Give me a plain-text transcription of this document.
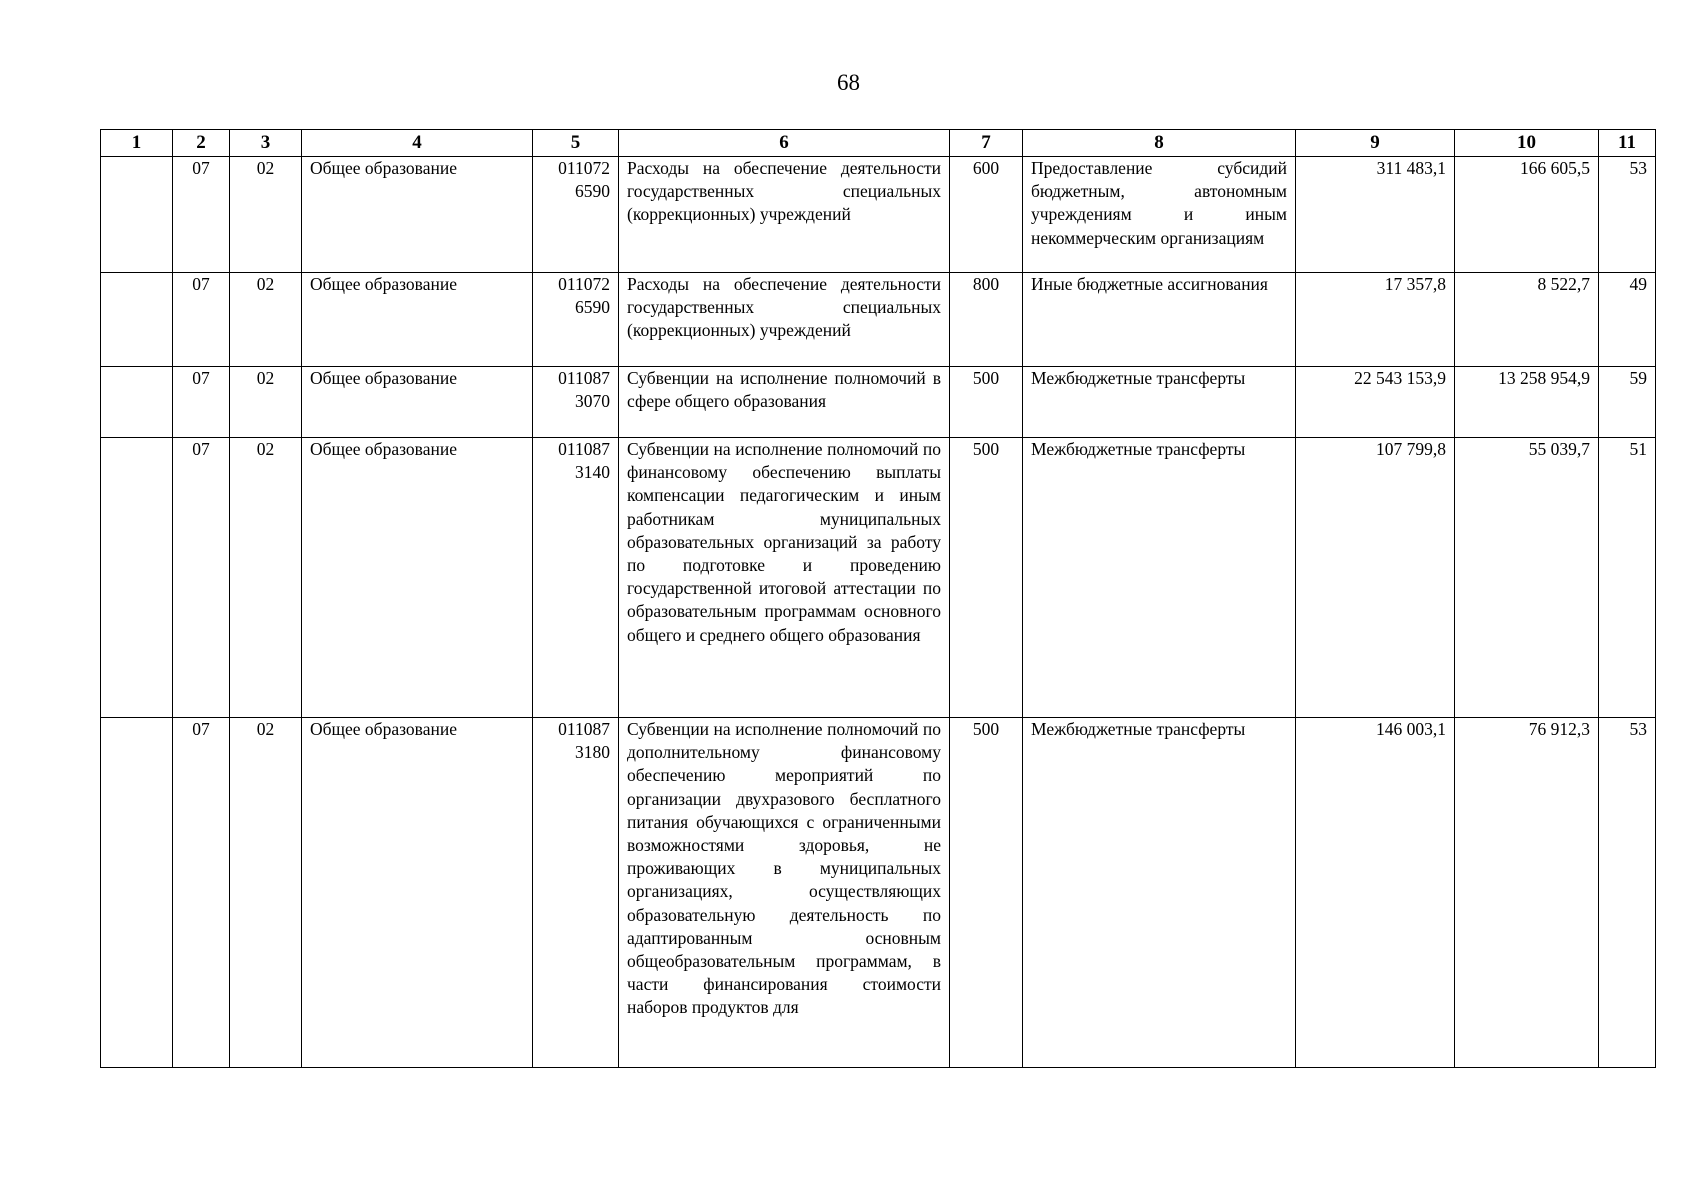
68
1	2	3	4	5	6	7	8	9	10	11
	07	02	Общее образование	011072 6590	Расходы на обеспечение деятельности государственных специальных (коррекционных) учреждений	600	Предоставление субсидий бюджетным, автономным учреждениям и иным некоммерческим организациям	311 483,1	166 605,5	53
	07	02	Общее образование	011072 6590	Расходы на обеспечение деятельности государственных специальных (коррекционных) учреждений	800	Иные бюджетные ассигнования	17 357,8	8 522,7	49
	07	02	Общее образование	011087 3070	Субвенции на исполнение полномочий в сфере общего образования	500	Межбюджетные трансферты	22 543 153,9	13 258 954,9	59
	07	02	Общее образование	011087 3140	Субвенции на исполнение полномочий по финансовому обеспечению выплаты компенсации педагогическим и иным работникам муниципальных образовательных организаций за работу по подготовке и проведению государственной итоговой аттестации по образовательным программам основного общего и среднего общего образования	500	Межбюджетные трансферты	107 799,8	55 039,7	51
	07	02	Общее образование	011087 3180	Субвенции на исполнение полномочий по дополнительному финансовому обеспечению мероприятий по организации двухразового бесплатного питания обучающихся с ограниченными возможностями здоровья, не проживающих в муниципальных организациях, осуществляющих образовательную деятельность по адаптированным основным общеобразовательным программам, в части финансирования стоимости наборов продуктов для	500	Межбюджетные трансферты	146 003,1	76 912,3	53
